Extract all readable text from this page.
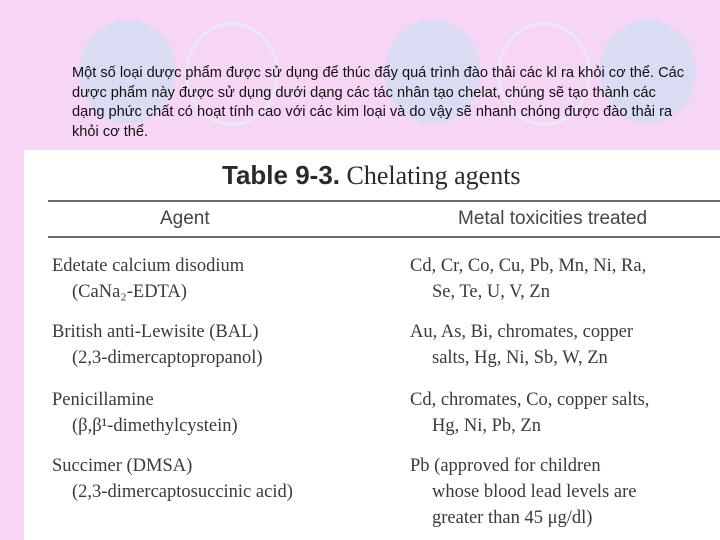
Một số loại dược phẩm được sử dụng để thúc đẩy quá trình đào thải các kl ra khỏi cơ thể. Các dược phẩm này được sử dụng dưới dạng các tác nhân tạo chelat, chúng sẽ tạo thành các dạng phức chất có hoạt tính cao với các kim loại và do vậy sẽ nhanh chóng được đào thải ra khỏi cơ thể.

Table 9-3. Chelating agents
Agent	Metal toxicities treated
Edetate calcium disodium
(CaNa₂-EDTA)
Cd, Cr, Co, Cu, Pb, Mn, Ni, Ra,
Se, Te, U, V, Zn
British anti-Lewisite (BAL)
(2,3-dimercaptopropanol)
Au, As, Bi, chromates, copper
salts, Hg, Ni, Sb, W, Zn
Penicillamine
(β,β¹-dimethylcystein)
Cd, chromates, Co, copper salts,
Hg, Ni, Pb, Zn
Succimer (DMSA)
(2,3-dimercaptosuccinic acid)
Pb (approved for children
whose blood lead levels are
greater than 45 μg/dl)
